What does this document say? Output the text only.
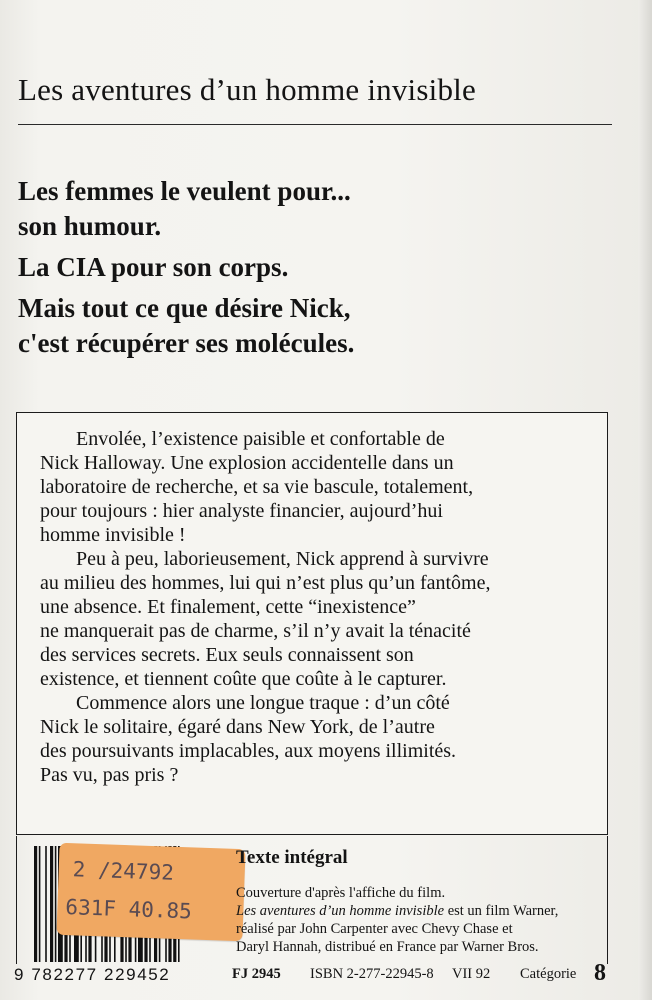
Les aventures d’un homme invisible
Les femmes le veulent pour...
son humour.
La CIA pour son corps.
Mais tout ce que désire Nick,
c'est récupérer ses molécules.
Envolée, l’existence paisible et confortable de
Nick Halloway. Une explosion accidentelle dans un
laboratoire de recherche, et sa vie bascule, totalement,
pour toujours : hier analyste financier, aujourd’hui
homme invisible !
Peu à peu, laborieusement, Nick apprend à survivre
au milieu des hommes, lui qui n’est plus qu’un fantôme,
une absence. Et finalement, cette “inexistence”
ne manquerait pas de charme, s’il n’y avait la ténacité
des services secrets. Eux seuls connaissent son
existence, et tiennent coûte que coûte à le capturer.
Commence alors une longue traque : d’un côté
Nick le solitaire, égaré dans New York, de l’autre
des poursuivants implacables, aux moyens illimités.
Pas vu, pas pris ?
9 782277 229452
2 /24792
631F 40.85
Texte intégral
Couverture d'après l'affiche du film.
Les aventures d’un homme invisible est un film Warner,
réalisé par John Carpenter avec Chevy Chase et
Daryl Hannah, distribué en France par Warner Bros.
FJ 2945 ISBN 2-277-22945-8 VII 92 Catégorie 8
